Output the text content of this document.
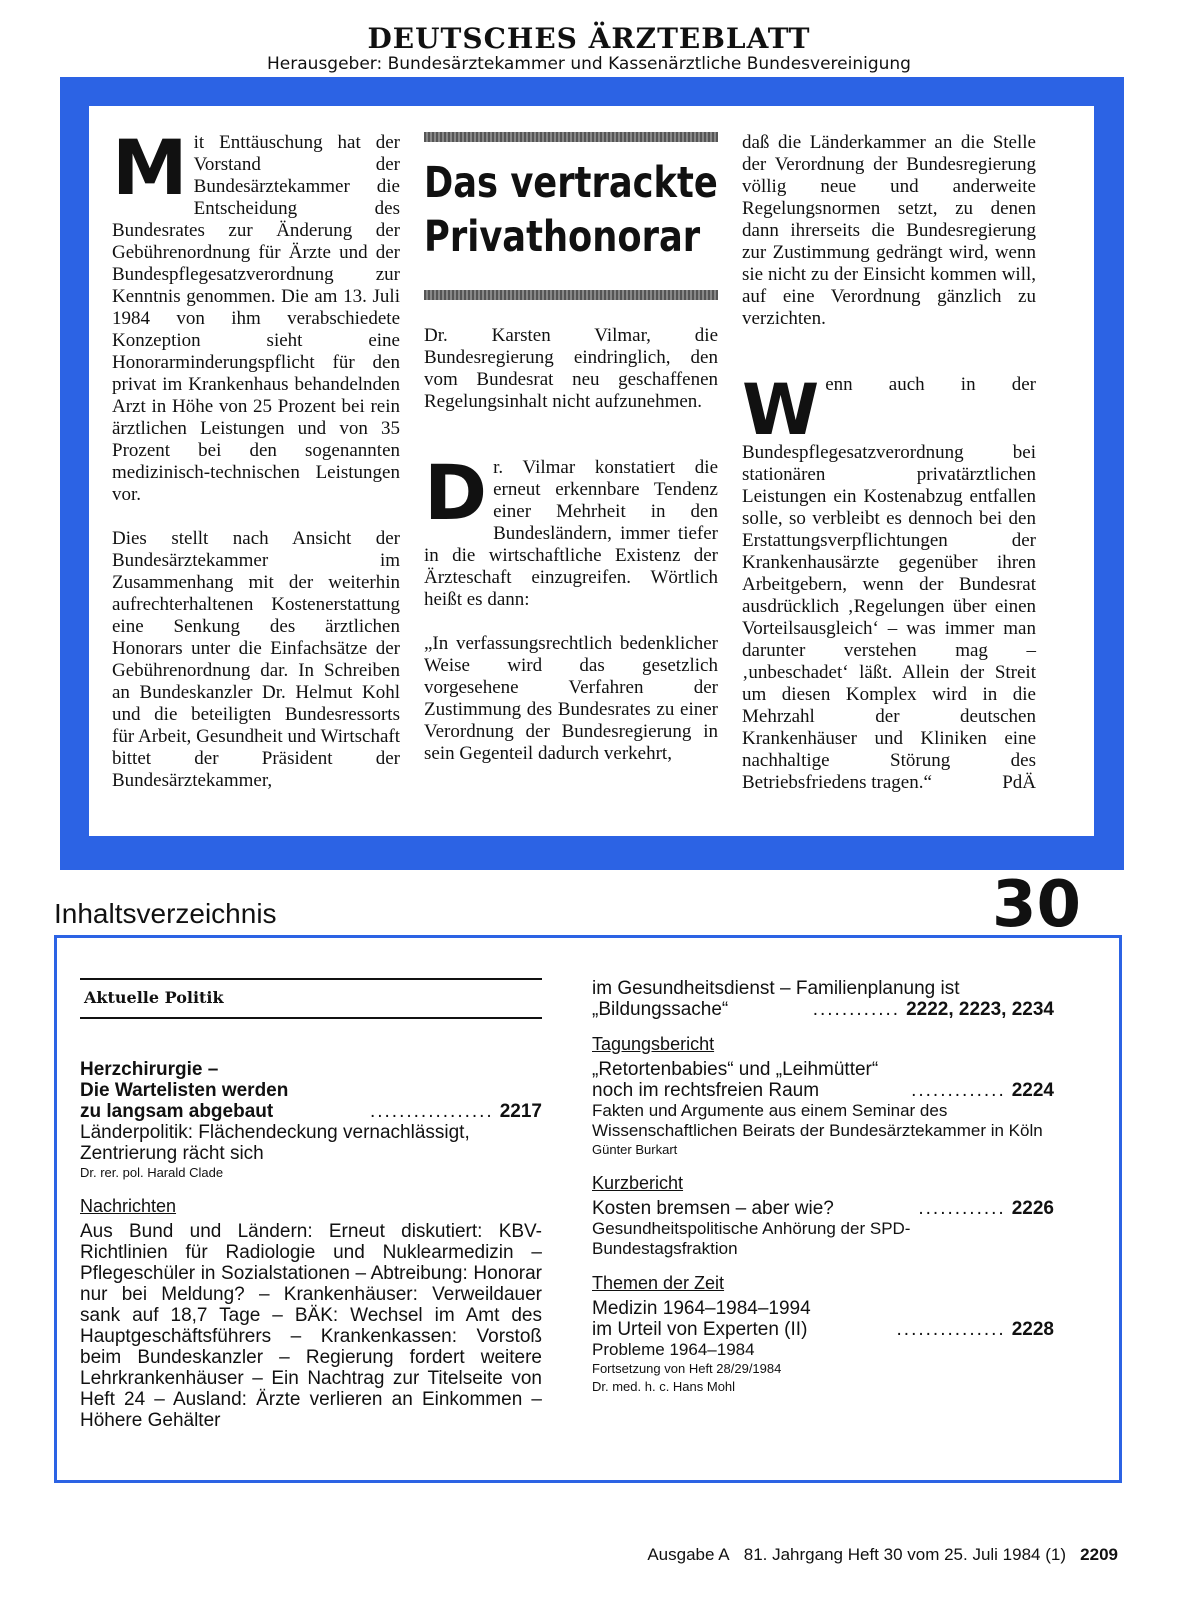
DEUTSCHES ÄRZTEBLATT
Herausgeber: Bundesärztekammer und Kassenärztliche Bundesvereinigung

Mit Enttäuschung hat der Vorstand der Bundesärztekammer die Entscheidung des Bundesrates zur Änderung der Gebührenordnung für Ärzte und der Bundespflegesatzverordnung zur Kenntnis genommen. Die am 13. Juli 1984 von ihm verabschiedete Konzeption sieht eine Honorarminderungspflicht für den privat im Krankenhaus behandelnden Arzt in Höhe von 25 Prozent bei rein ärztlichen Leistungen und von 35 Prozent bei den sogenannten medizinisch-technischen Leistungen vor.

Dies stellt nach Ansicht der Bundesärztekammer im Zusammenhang mit der weiterhin aufrechterhaltenen Kostenerstattung eine Senkung des ärztlichen Honorars unter die Einfachsätze der Gebührenordnung dar. In Schreiben an Bundeskanzler Dr. Helmut Kohl und die beteiligten Bundesressorts für Arbeit, Gesundheit und Wirtschaft bittet der Präsident der Bundesärztekammer,

Das vertrackte
Privathonorar

Dr. Karsten Vilmar, die Bundesregierung eindringlich, den vom Bundesrat neu geschaffenen Regelungsinhalt nicht aufzunehmen.

Dr. Vilmar konstatiert die erneut erkennbare Tendenz einer Mehrheit in den Bundesländern, immer tiefer in die wirtschaftliche Existenz der Ärzteschaft einzugreifen. Wörtlich heißt es dann:

„In verfassungsrechtlich bedenklicher Weise wird das gesetzlich vorgesehene Verfahren der Zustimmung des Bundesrates zu einer Verordnung der Bundesregierung in sein Gegenteil dadurch verkehrt,

daß die Länderkammer an die Stelle der Verordnung der Bundesregierung völlig neue und anderweite Regelungsnormen setzt, zu denen dann ihrerseits die Bundesregierung zur Zustimmung gedrängt wird, wenn sie nicht zu der Einsicht kommen will, auf eine Verordnung gänzlich zu verzichten.

Wenn auch in der Bundespflegesatzverordnung bei stationären privatärztlichen Leistungen ein Kostenabzug entfallen solle, so verbleibt es dennoch bei den Erstattungsverpflichtungen der Krankenhausärzte gegenüber ihren Arbeitgebern, wenn der Bundesrat ausdrücklich ‚Regelungen über einen Vorteilsausgleich‘ – was immer man darunter verstehen mag – ‚unbeschadet‘ läßt. Allein der Streit um diesen Komplex wird in die Mehrzahl der deutschen Krankenhäuser und Kliniken eine nachhaltige Störung des Betriebsfriedens tragen.“	PdÄ

Inhaltsverzeichnis	30
Aktuelle Politik
Herzchirurgie –
Die Wartelisten werden
zu langsam abgebaut	................. 2217
Länderpolitik: Flächendeckung vernachlässigt, Zentrierung rächt sich
Dr. rer. pol. Harald Clade
Nachrichten
Aus Bund und Ländern: Erneut diskutiert: KBV-Richtlinien für Radiologie und Nuklearmedizin – Pflegeschüler in Sozialstationen – Abtreibung: Honorar nur bei Meldung? – Krankenhäuser: Verweildauer sank auf 18,7 Tage – BÄK: Wechsel im Amt des Hauptgeschäftsführers – Krankenkassen: Vorstoß beim Bundeskanzler – Regierung fordert weitere Lehrkrankenhäuser – Ein Nachtrag zur Titelseite von Heft 24 – Ausland: Ärzte verlieren an Einkommen – Höhere Gehälter
im Gesundheitsdienst – Familienplanung ist
„Bildungssache“	............ 2222, 2223, 2234
Tagungsbericht
„Retortenbabies“ und „Leihmütter“
noch im rechtsfreien Raum	............. 2224
Fakten und Argumente aus einem Seminar des Wissenschaftlichen Beirats der Bundesärztekammer in Köln
Günter Burkart
Kurzbericht
Kosten bremsen – aber wie?	............ 2226
Gesundheitspolitische Anhörung der SPD-Bundestagsfraktion
Themen der Zeit
Medizin 1964–1984–1994
im Urteil von Experten (II)	............... 2228
Probleme 1964–1984
Fortsetzung von Heft 28/29/1984
Dr. med. h. c. Hans Mohl
Ausgabe A 81. Jahrgang Heft 30 vom 25. Juli 1984 (1) 2209
